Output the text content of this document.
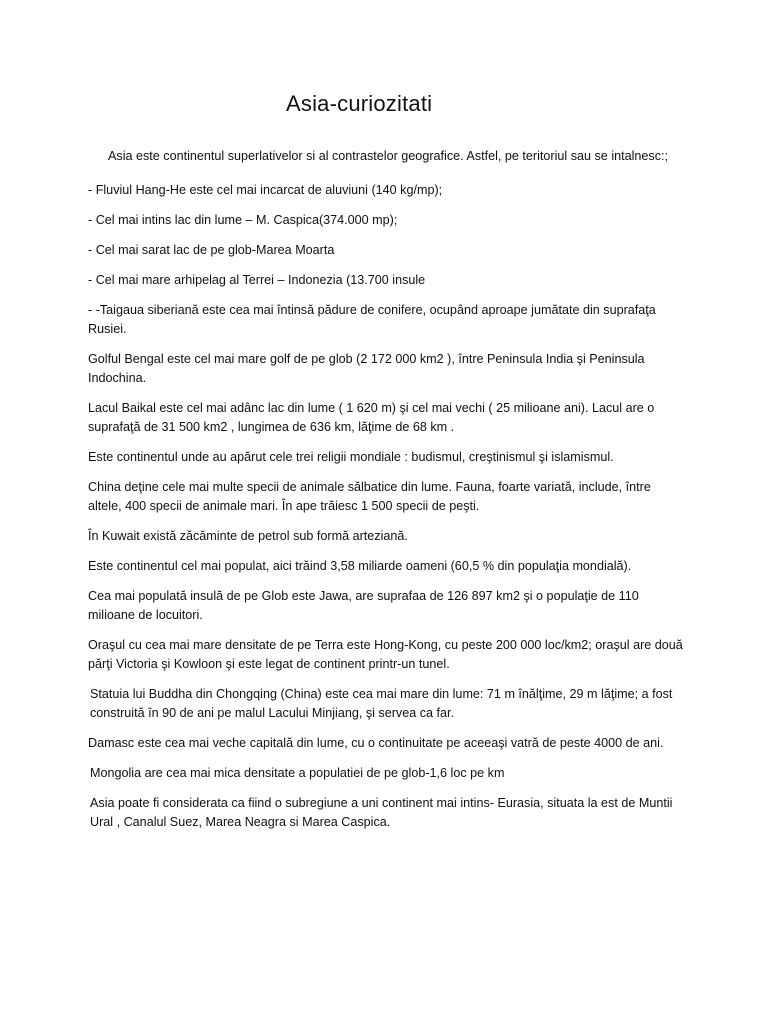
Asia-curiozitati

Asia este continentul superlativelor si al contrastelor geografice. Astfel, pe teritoriul sau se intalnesc:;

- Fluviul Hang-He este cel mai incarcat de aluviuni (140 kg/mp);

- Cel mai intins lac din lume – M. Caspica(374.000 mp);

- Cel mai sarat lac de pe glob-Marea Moarta

- Cel mai mare arhipelag al Terrei – Indonezia (13.700 insule

- -Taigaua siberiană este cea mai întinsă pădure de conifere, ocupând aproape jumătate din suprafaţa Rusiei.

Golful Bengal este cel mai mare golf de pe glob (2 172 000 km2 ), între Peninsula India şi Peninsula Indochina.

Lacul Baikal este cel mai adânc lac din lume ( 1 620 m) şi cel mai vechi ( 25 milioane ani). Lacul are o suprafaţă de 31 500 km2 , lungimea de 636 km, lăţime de 68 km .

Este continentul unde au apărut cele trei religii mondiale : budismul, creştinismul şi islamismul.

China deţine cele mai multe specii de animale sălbatice din lume. Fauna, foarte variată, include, între altele, 400 specii de animale mari. În ape trăiesc 1 500 specii de peşti.

În Kuwait există zăcăminte de petrol sub formă arteziană.

Este continentul cel mai populat, aici trăind 3,58 miliarde oameni (60,5 % din populaţia mondială).

Cea mai populată insulă de pe Glob este Jawa, are suprafaa de 126 897 km2 şi o populaţie de 110 milioane de locuitori.

Oraşul cu cea mai mare densitate de pe Terra este Hong-Kong, cu peste 200 000 loc/km2; oraşul are două părţi Victoria şi Kowloon şi este legat de continent printr-un tunel.

Statuia lui Buddha din Chongqing (China) este cea mai mare din lume: 71 m înălţime, 29 m lăţime; a fost construită în 90 de ani pe malul Lacului Minjiang, şi servea ca far.

Damasc este cea mai veche capitală din lume, cu o continuitate pe aceeaşi vatră de peste 4000 de ani.

Mongolia are cea mai mica densitate a populatiei de pe glob-1,6 loc pe km

Asia poate fi considerata ca fiind o subregiune a uni continent mai intins- Eurasia, situata la est de Muntii Ural , Canalul Suez, Marea Neagra si Marea Caspica.
